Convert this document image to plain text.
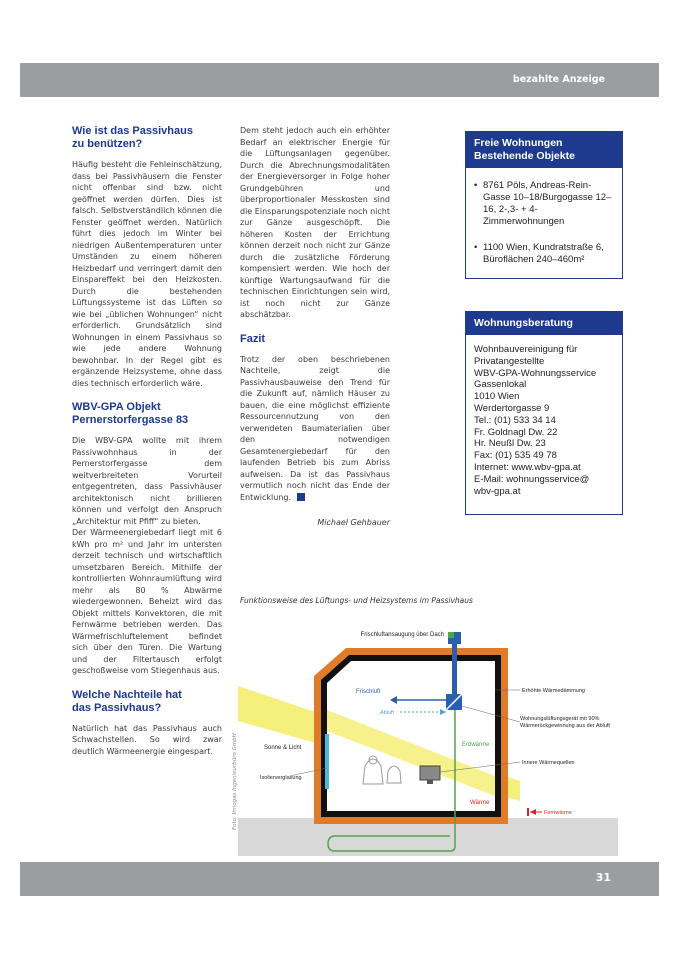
bezahlte Anzeige
Wie ist das Passivhaus
zu benützen?

Häufig besteht die Fehleinschätzung, dass bei Passivhäusern die Fenster nicht offenbar sind bzw. nicht geöffnet werden dürfen. Dies ist falsch. Selbstverständlich können die Fenster geöffnet werden. Natürlich führt dies jedoch im Winter bei niedrigen Außentemperaturen unter Umständen zu einem höheren Heizbedarf und verringert damit den Einspareffekt bei den Heizkosten. Durch die bestehenden Lüftungssysteme ist das Lüften so wie bei „üblichen Wohnungen“ nicht erforderlich. Grundsätzlich sind Wohnungen in einem Passivhaus so wie jede andere Wohnung bewohnbar. In der Regel gibt es ergänzende Heizsysteme, ohne dass dies technisch erforderlich wäre.

WBV-GPA Objekt
Pernerstorfergasse 83

Die WBV-GPA wollte mit ihrem Passivwohnhaus in der Pernerstorfergasse dem weitverbreiteten Vorurteil entgegentreten, dass Passivhäuser architektonisch nicht brillieren können und verfolgt den Anspruch „Architektur mit Pfiff“ zu bieten.

Der Wärmeenergiebedarf liegt mit 6 kWh pro m² und Jahr im untersten derzeit technisch und wirtschaftlich umsetzbaren Bereich. Mithilfe der kontrollierten Wohnraumlüftung wird mehr als 80 % Abwärme wiedergewonnen. Beheizt wird das Objekt mittels Konvektoren, die mit Fernwärme betrieben werden. Das Wärmefrischluftelement befindet sich über den Türen. Die Wartung und der Filtertausch erfolgt geschoßweise vom Stiegenhaus aus.

Welche Nachteile hat
das Passivhaus?

Natürlich hat das Passivhaus auch Schwachstellen. So wird zwar deutlich Wärmeenergie eingespart.

Dem steht jedoch auch ein erhöhter Bedarf an elektrischer Energie für die Lüftungsanlagen gegenüber. Durch die Abrechnungsmodalitäten der Energieversorger in Folge hoher Grundgebühren und überproportionaler Messkosten sind die Einsparungspotenziale noch nicht zur Gänze ausgeschöpft. Die höheren Kosten der Errichtung können derzeit noch nicht zur Gänze durch die zusätzliche Förderung kompensiert werden. Wie hoch der künftige Wartungsaufwand für die technischen Einrichtungen sein wird, ist noch nicht zur Gänze abschätzbar.

Fazit

Trotz der oben beschriebenen Nachteile, zeigt die Passivhausbauweise den Trend für die Zukunft auf, nämlich Häuser zu bauen, die eine möglichst effiziente Ressourcennutzung von den verwendeten Baumaterialien über den notwendigen Gesamtenergiebedarf für den laufenden Betrieb bis zum Abriss aufweisen. Da ist das Passivhaus vermutlich noch nicht das Ende der Entwicklung.

Michael Gehbauer
Freie Wohnungen
Bestehende Objekte
• 8761 Pöls, Andreas-Rein-Gasse 10–18/Burgogasse 12–16, 2-,3- + 4-Zimmerwohnungen
• 1100 Wien, Kundratstraße 6, Büroflächen 240–460m²
Wohnungsberatung
Wohnbauvereinigung für
Privatangestellte
WBV-GPA-Wohnungsservice
Gassenlokal
1010 Wien
Werdertorgasse 9
Tel.: (01) 533 34 14
Fr. Goldnagl Dw. 22
Hr. Neußl Dw. 23
Fax: (01) 535 49 78
Internet: www.wbv-gpa.at
E-Mail: wohnungsservice@
wbv-gpa.at
Foto: Innogas Ingenieurbüro GmbH
Funktionsweise des Lüftungs- und Heizsystems im Passivhaus
Frischluftansaugung über Dach
Frischluft
Abluft
Erhöhte Wärmedämmung
Wohnungslüftungsgerät mit 90% Wärmerückgewinnung aus der Abluft
Erdwärme
Innere Wärmequellen
Wärme
Fernwärme
Sonne & Licht
Isolierverglasung
31
